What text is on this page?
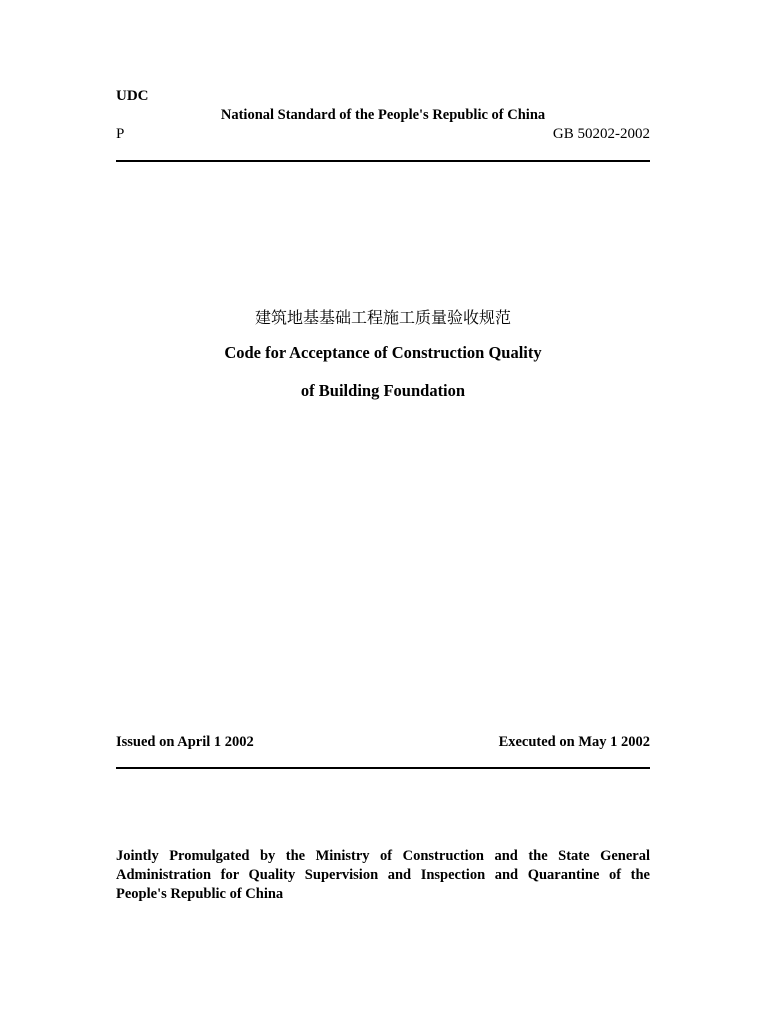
UDC
National Standard of the People's Republic of China
P	GB 50202-2002
建筑地基基础工程施工质量验收规范
Code for Acceptance of Construction Quality
of Building Foundation
Issued on April 1 2002	Executed on May 1 2002
Jointly Promulgated by the Ministry of Construction and the State General Administration for Quality Supervision and Inspection and Quarantine of the People's Republic of China
